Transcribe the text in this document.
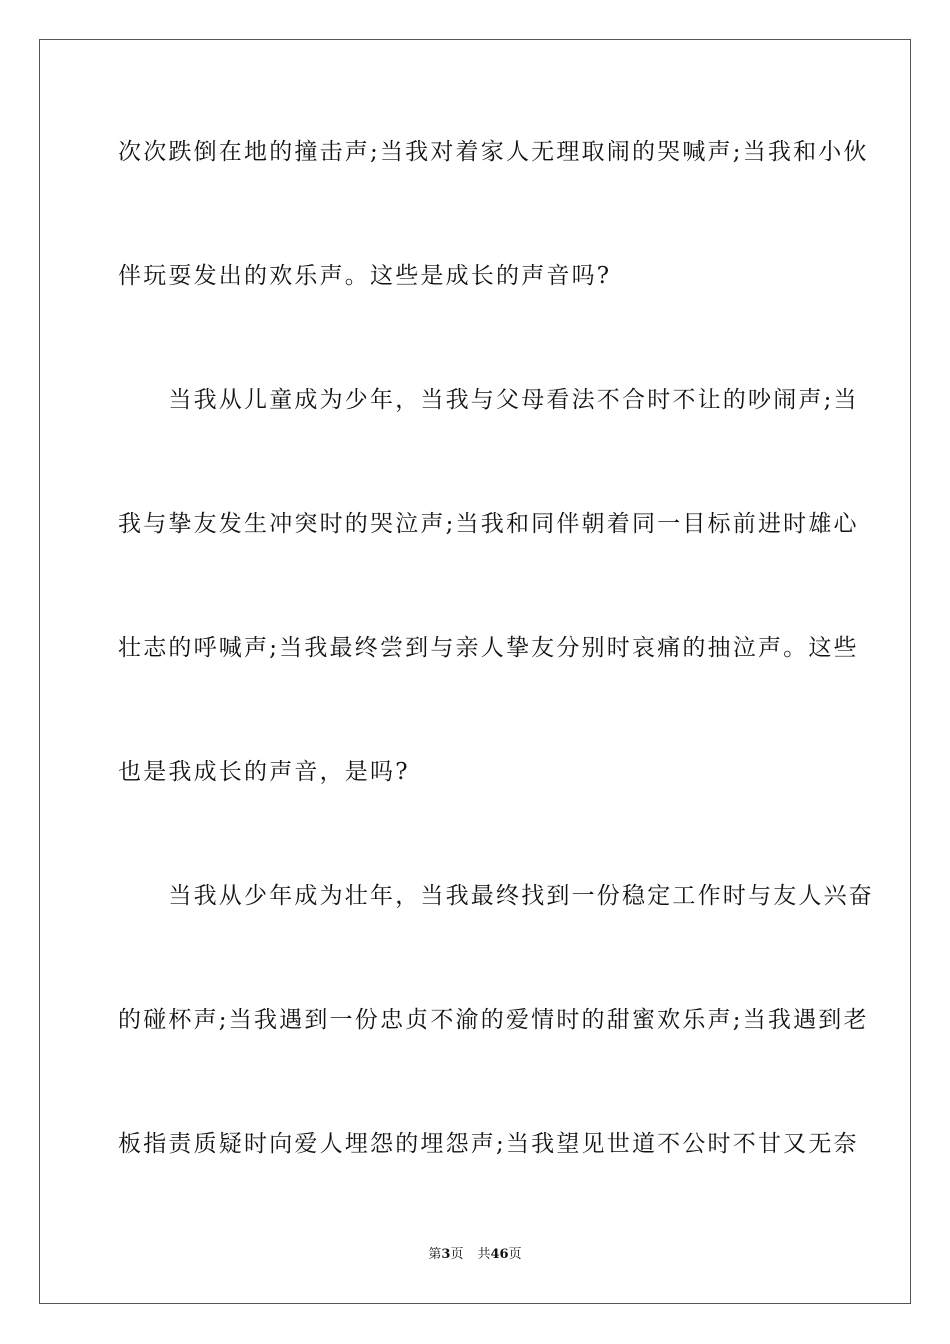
次次跌倒在地的撞击声;当我对着家人无理取闹的哭喊声;当我和小伙
伴玩耍发出的欢乐声。这些是成长的声音吗?
　　当我从儿童成为少年，当我与父母看法不合时不让的吵闹声;当
我与挚友发生冲突时的哭泣声;当我和同伴朝着同一目标前进时雄心
壮志的呼喊声;当我最终尝到与亲人挚友分别时哀痛的抽泣声。这些
也是我成长的声音，是吗?
　　当我从少年成为壮年，当我最终找到一份稳定工作时与友人兴奋
的碰杯声;当我遇到一份忠贞不渝的爱情时的甜蜜欢乐声;当我遇到老
板指责质疑时向爱人埋怨的埋怨声;当我望见世道不公时不甘又无奈
第3页 共46页
